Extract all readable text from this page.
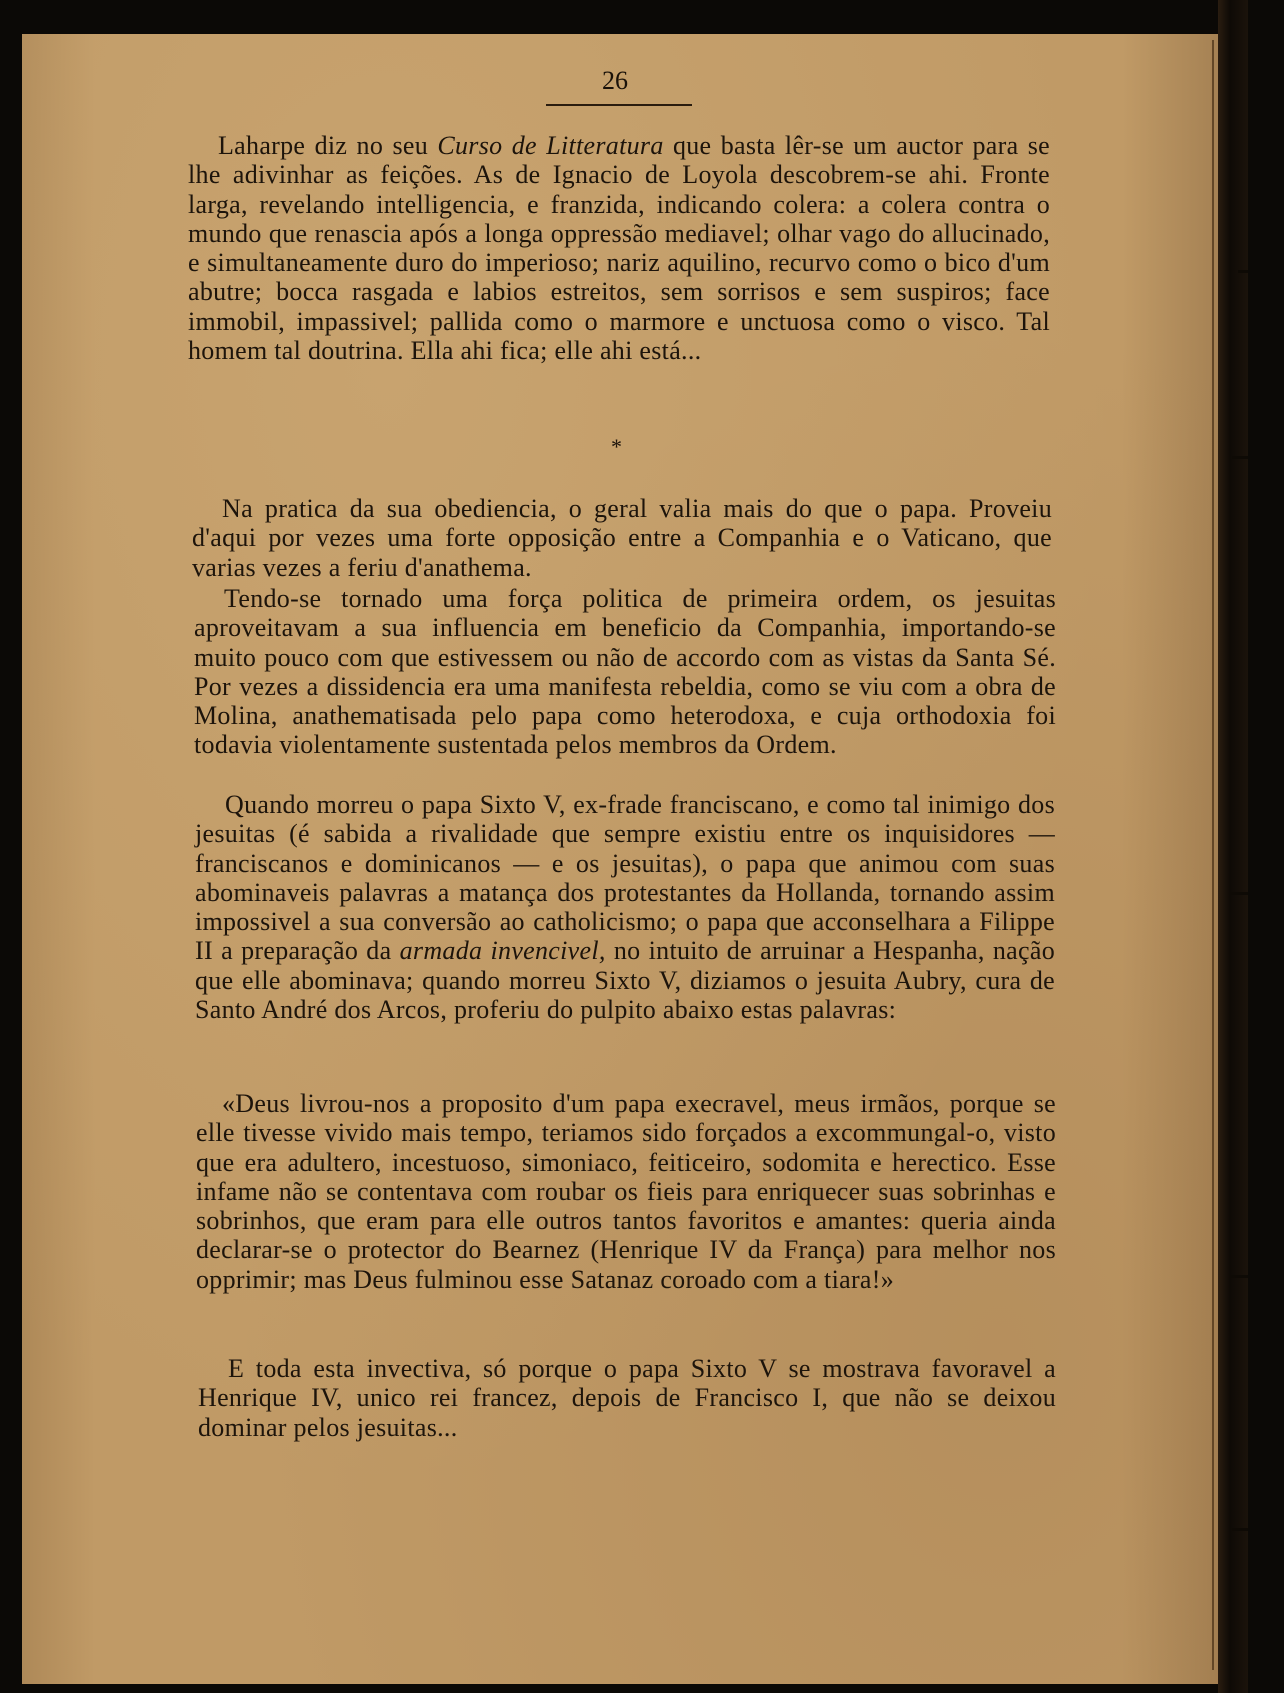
26

Laharpe diz no seu Curso de Litteratura que basta lêr-se um auctor para se lhe adivinhar as feições. As de Ignacio de Loyola descobrem-se ahi. Fronte larga, revelando intelligencia, e franzida, indicando colera: a colera contra o mundo que renascia após a longa oppressão mediavel; olhar vago do allucinado, e simultaneamente duro do imperioso; nariz aquilino, recurvo como o bico d'um abutre; bocca rasgada e labios estreitos, sem sorrisos e sem suspiros; face immobil, impassivel; pallida como o marmore e unctuosa como o visco. Tal homem tal doutrina. Ella ahi fica; elle ahi está...

*

Na pratica da sua obediencia, o geral valia mais do que o papa. Proveiu d'aqui por vezes uma forte opposição entre a Companhia e o Vaticano, que varias vezes a feriu d'anathema.

Tendo-se tornado uma força politica de primeira ordem, os jesuitas aproveitavam a sua influencia em beneficio da Companhia, importando-se muito pouco com que estivessem ou não de accordo com as vistas da Santa Sé. Por vezes a dissidencia era uma manifesta rebeldia, como se viu com a obra de Molina, anathematisada pelo papa como heterodoxa, e cuja orthodoxia foi todavia violentamente sustentada pelos membros da Ordem.

Quando morreu o papa Sixto V, ex-frade franciscano, e como tal inimigo dos jesuitas (é sabida a rivalidade que sempre existiu entre os inquisidores — franciscanos e dominicanos — e os jesuitas), o papa que animou com suas abominaveis palavras a matança dos protestantes da Hollanda, tornando assim impossivel a sua conversão ao catholicismo; o papa que acconselhara a Filippe II a preparação da armada invencivel, no intuito de arruinar a Hespanha, nação que elle abominava; quando morreu Sixto V, diziamos o jesuita Aubry, cura de Santo André dos Arcos, proferiu do pulpito abaixo estas palavras:

«Deus livrou-nos a proposito d'um papa execravel, meus irmãos, porque se elle tivesse vivido mais tempo, teriamos sido forçados a excommungal-o, visto que era adultero, incestuoso, simoniaco, feiticeiro, sodomita e herectico. Esse infame não se contentava com roubar os fieis para enriquecer suas sobrinhas e sobrinhos, que eram para elle outros tantos favoritos e amantes: queria ainda declarar-se o protector do Bearnez (Henrique IV da França) para melhor nos opprimir; mas Deus fulminou esse Satanaz coroado com a tiara!»

E toda esta invectiva, só porque o papa Sixto V se mostrava favoravel a Henrique IV, unico rei francez, depois de Francisco I, que não se deixou dominar pelos jesuitas...
